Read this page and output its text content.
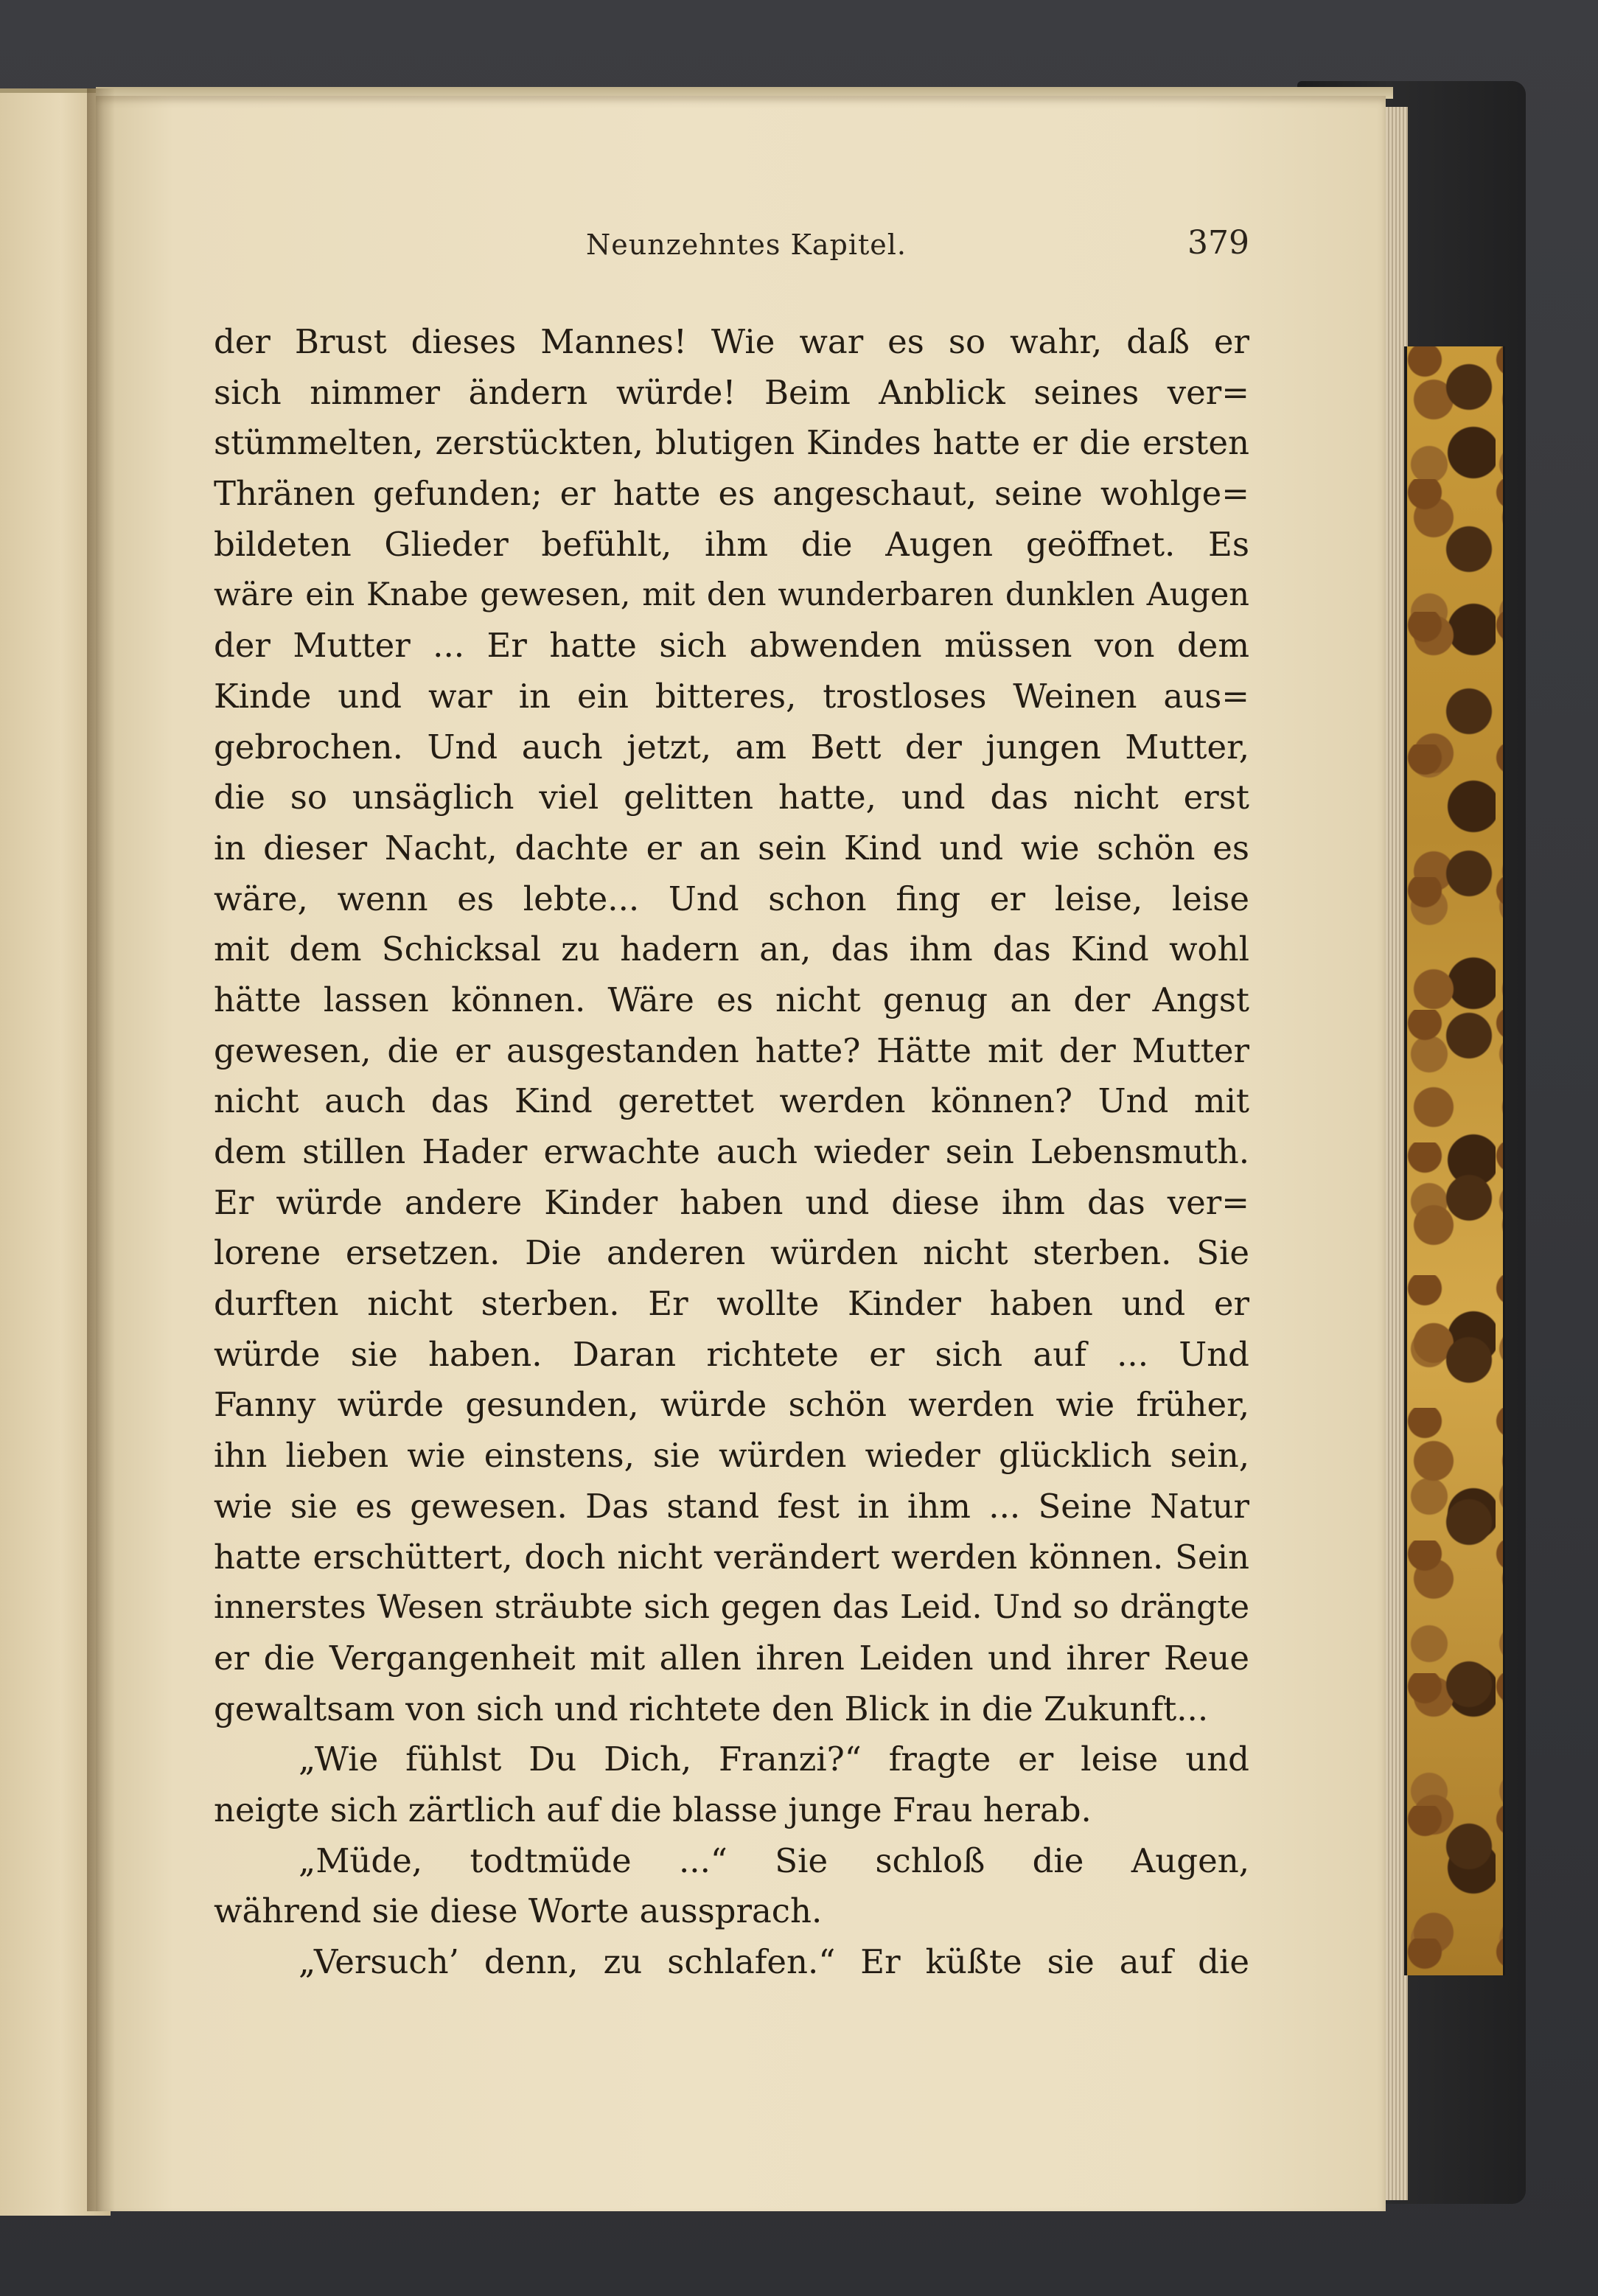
Neunzehntes Kapitel.	379
der Brust dieses Mannes! Wie war es so wahr, daß er
sich nimmer ändern würde! Beim Anblick seines ver=
stümmelten, zerstückten, blutigen Kindes hatte er die ersten
Thränen gefunden; er hatte es angeschaut, seine wohlge=
bildeten Glieder befühlt, ihm die Augen geöffnet. Es
wäre ein Knabe gewesen, mit den wunderbaren dunklen Augen
der Mutter ... Er hatte sich abwenden müssen von dem
Kinde und war in ein bitteres, trostloses Weinen aus=
gebrochen. Und auch jetzt, am Bett der jungen Mutter,
die so unsäglich viel gelitten hatte, und das nicht erst
in dieser Nacht, dachte er an sein Kind und wie schön es
wäre, wenn es lebte... Und schon fing er leise, leise
mit dem Schicksal zu hadern an, das ihm das Kind wohl
hätte lassen können. Wäre es nicht genug an der Angst
gewesen, die er ausgestanden hatte? Hätte mit der Mutter
nicht auch das Kind gerettet werden können? Und mit
dem stillen Hader erwachte auch wieder sein Lebensmuth.
Er würde andere Kinder haben und diese ihm das ver=
lorene ersetzen. Die anderen würden nicht sterben. Sie
durften nicht sterben. Er wollte Kinder haben und er
würde sie haben. Daran richtete er sich auf ... Und
Fanny würde gesunden, würde schön werden wie früher,
ihn lieben wie einstens, sie würden wieder glücklich sein,
wie sie es gewesen. Das stand fest in ihm ... Seine Natur
hatte erschüttert, doch nicht verändert werden können. Sein
innerstes Wesen sträubte sich gegen das Leid. Und so drängte
er die Vergangenheit mit allen ihren Leiden und ihrer Reue
gewaltsam von sich und richtete den Blick in die Zukunft...
„Wie fühlst Du Dich, Franzi?“ fragte er leise und
neigte sich zärtlich auf die blasse junge Frau herab.
„Müde, todtmüde ...“ Sie schloß die Augen,
während sie diese Worte aussprach.
„Versuch’ denn, zu schlafen.“ Er küßte sie auf die
